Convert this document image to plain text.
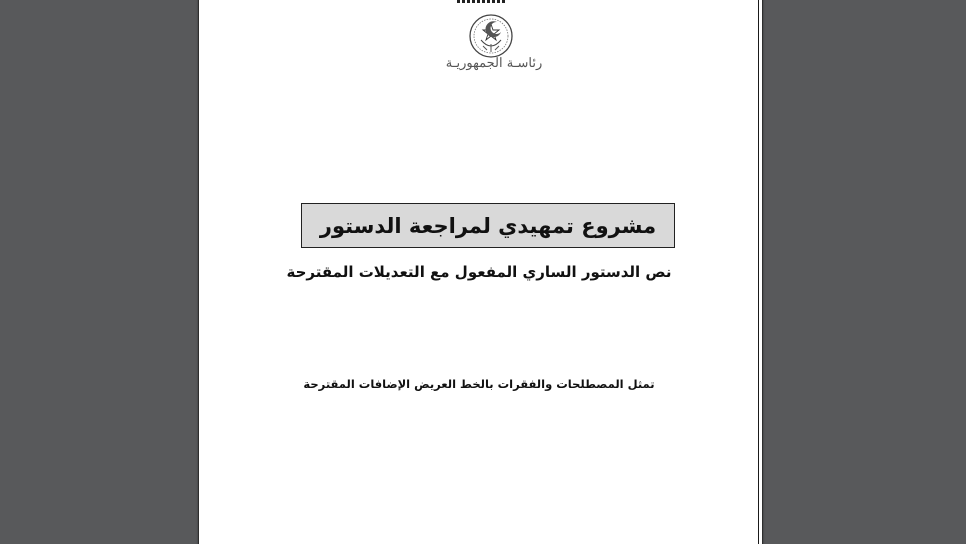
رئاسـة الجمهوريـة
مشروع تمهيدي لمراجعة الدستور
نص الدستور الساري المفعول مع التعديلات المقترحة
تمثل المصطلحات والفقرات بالخط العريض الإضافات المقترحة
